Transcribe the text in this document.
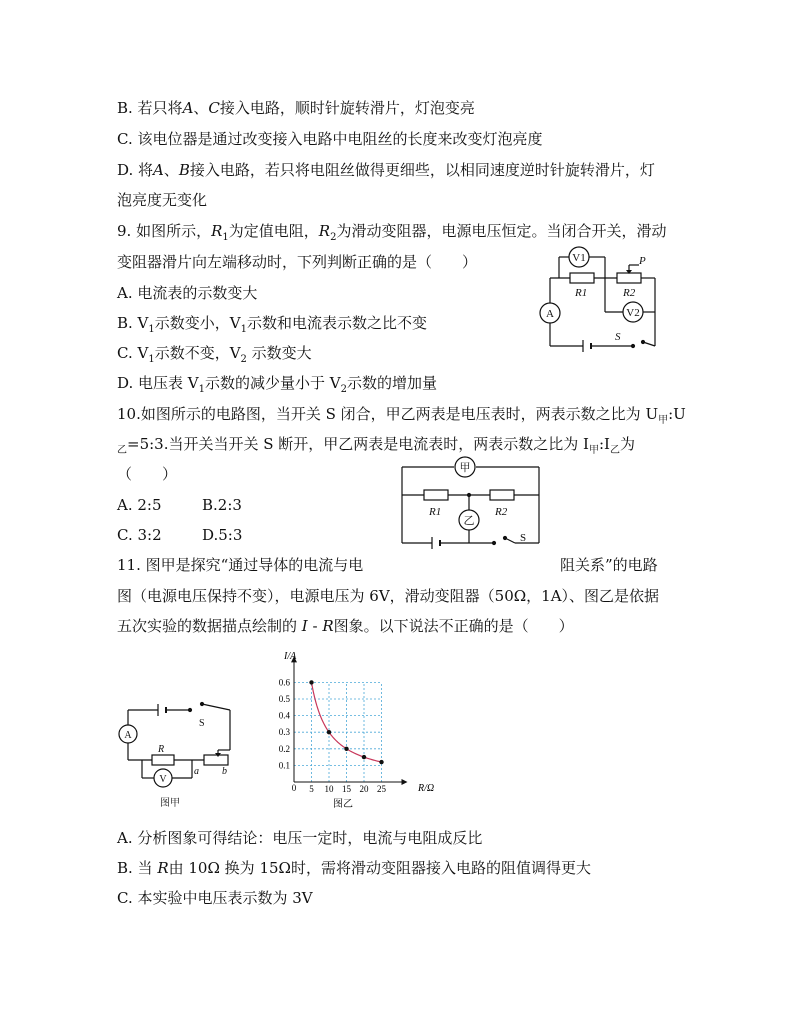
B. 若只将A、C接入电路，顺时针旋转滑片，灯泡变亮
C. 该电位器是通过改变接入电路中电阻丝的长度来改变灯泡亮度
D. 将A、B接入电路，若只将电阻丝做得更细些，以相同速度逆时针旋转滑片，灯
泡亮度无变化
9. 如图所示，$R_1$为定值电阻，$R_2$为滑动变阻器，电源电压恒定。当闭合开关，滑动
变阻器滑片向左端移动时，下列判断正确的是（　　）
A. 电流表的示数变大
B. $V_1$示数变小，$V_1$示数和电流表示数之比不变
C. $V_1$示数不变，$V_2$ 示数变大
D. 电压表 $V_1$示数的减少量小于 $V_2$示数的增加量
A
V1
V2
R1	R2
P
S
10.如图所示的电路图，当开关 S 闭合，甲乙两表是电压表时，两表示数之比为 $U_甲:U$
$_乙$=5:3.当开关当开关 S 断开，甲乙两表是电流表时，两表示数之比为 $I_甲:I_乙$为
（　　）
A. 2:5	B.2:3
C. 3:2	D.5:3
甲
乙
R1	R2
S
11. 图甲是探究“通过导体的电流与电	阻关系”的电路
图（电源电压保持不变），电源电压为 6V，滑动变阻器（50Ω，1A）、图乙是依据
五次实验的数据描点绘制的 I - R图象。以下说法不正确的是（　　）
A
V
R
S
a b
图甲
5 10 15 20 25
0.1
0.2
0.3
0.4
0.5
0.6
I/A
R/Ω
0
图乙
A. 分析图象可得结论：电压一定时，电流与电阻成反比
B. 当 R由 10Ω 换为 15Ω时，需将滑动变阻器接入电路的阻值调得更大
C. 本实验中电压表示数为 3V
